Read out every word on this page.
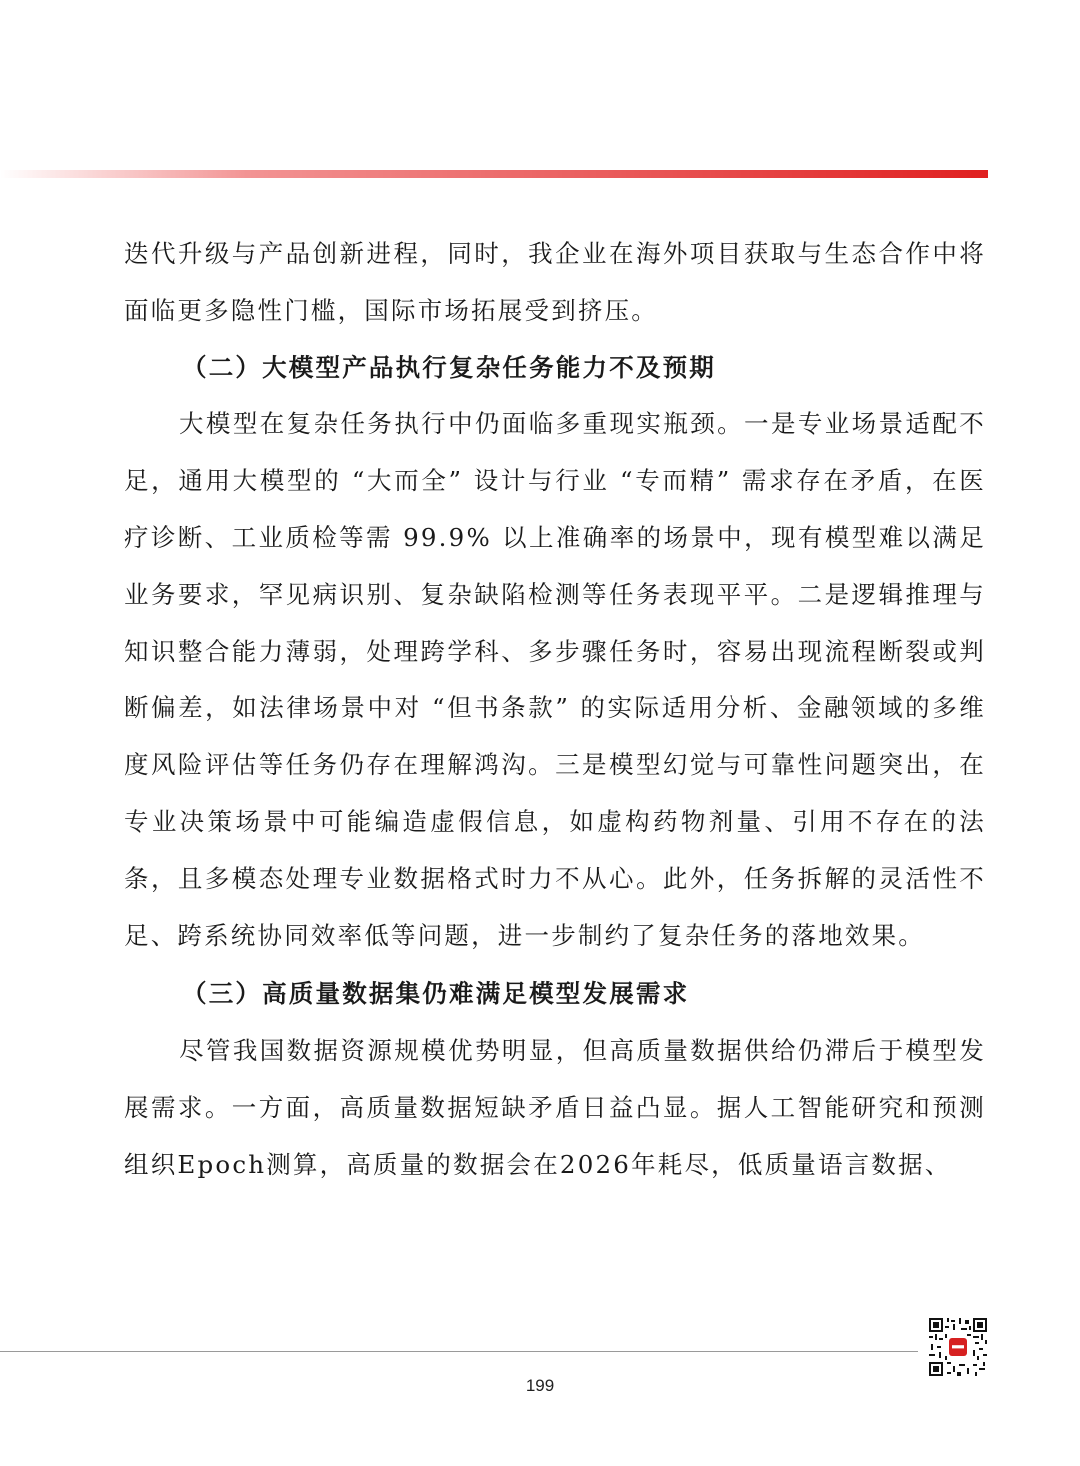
迭代升级与产品创新进程，同时，我企业在海外项目获取与生态合作中将面临更多隐性门槛，国际市场拓展受到挤压。

（二）大模型产品执行复杂任务能力不及预期

大模型在复杂任务执行中仍面临多重现实瓶颈。一是专业场景适配不足，通用大模型的 “大而全” 设计与行业 “专而精” 需求存在矛盾，在医疗诊断、工业质检等需 99.9% 以上准确率的场景中，现有模型难以满足业务要求，罕见病识别、复杂缺陷检测等任务表现平平。二是逻辑推理与知识整合能力薄弱，处理跨学科、多步骤任务时，容易出现流程断裂或判断偏差，如法律场景中对 “但书条款” 的实际适用分析、金融领域的多维度风险评估等任务仍存在理解鸿沟。三是模型幻觉与可靠性问题突出，在专业决策场景中可能编造虚假信息，如虚构药物剂量、引用不存在的法条，且多模态处理专业数据格式时力不从心。此外，任务拆解的灵活性不足、跨系统协同效率低等问题，进一步制约了复杂任务的落地效果。

（三）高质量数据集仍难满足模型发展需求

尽管我国数据资源规模优势明显，但高质量数据供给仍滞后于模型发展需求。一方面，高质量数据短缺矛盾日益凸显。据人工智能研究和预测组织Epoch测算，高质量的数据会在2026年耗尽，低质量语言数据、

199
